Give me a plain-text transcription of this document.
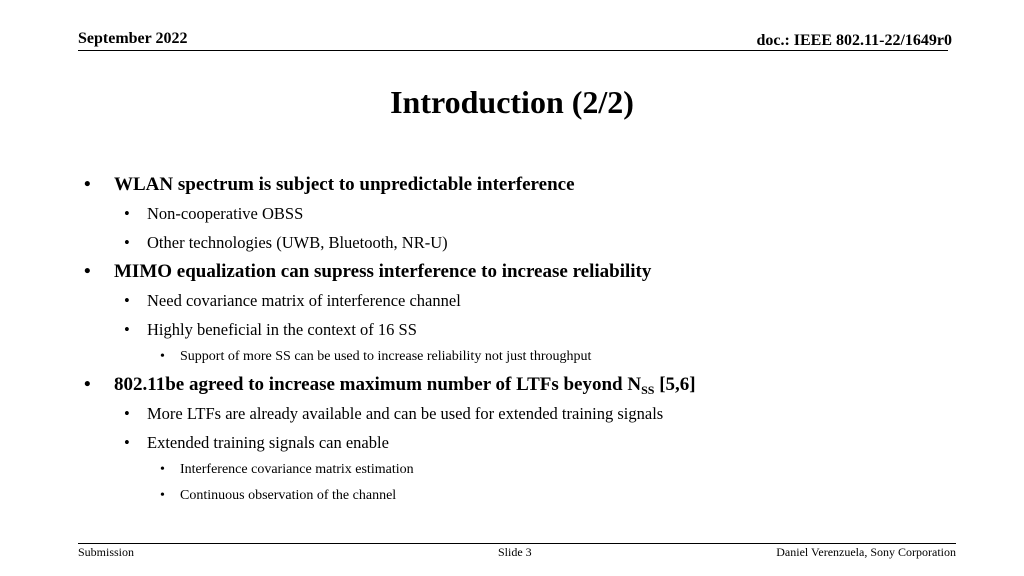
September 2022	doc.: IEEE 802.11-22/1649r0
Introduction (2/2)
• WLAN spectrum is subject to unpredictable interference
• Non-cooperative OBSS
• Other technologies (UWB, Bluetooth, NR-U)
• MIMO equalization can supress interference to increase reliability
• Need covariance matrix of interference channel
• Highly beneficial in the context of 16 SS
• Support of more SS can be used to increase reliability not just throughput
• 802.11be agreed to increase maximum number of LTFs beyond $N_{SS}$ [5,6]
• More LTFs are already available and can be used for extended training signals
• Extended training signals can enable
• Interference covariance matrix estimation
• Continuous observation of the channel
Submission	Slide 3	Daniel Verenzuela, Sony Corporation
